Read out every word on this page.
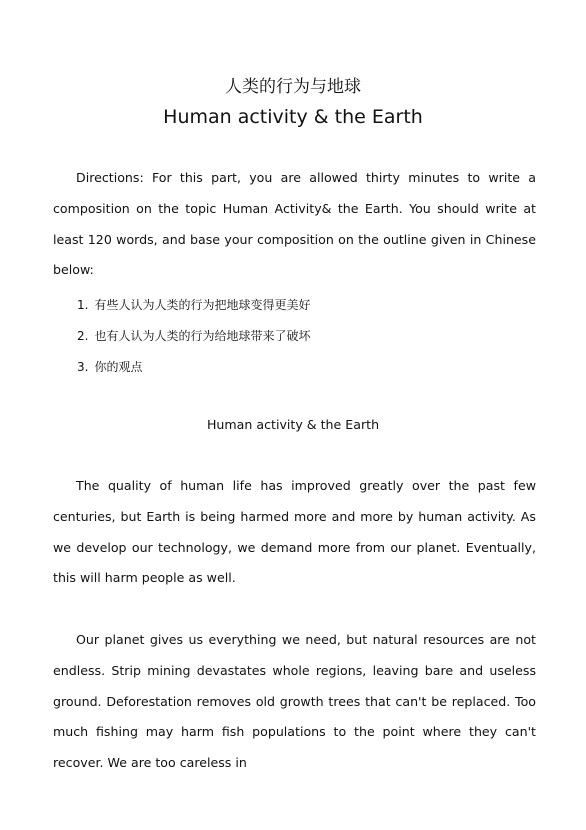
人类的行为与地球
Human activity & the Earth

Directions: For this part, you are allowed thirty minutes to write a composition on the topic Human Activity& the Earth. You should write at least 120 words, and base your composition on the outline given in Chinese below:

1. 有些人认为人类的行为把地球变得更美好
2. 也有人认为人类的行为给地球带来了破坏
3. 你的观点
Human activity & the Earth

The quality of human life has improved greatly over the past few centuries, but Earth is being harmed more and more by human activity. As we develop our technology, we demand more from our planet. Eventually, this will harm people as well.

Our planet gives us everything we need, but natural resources are not endless. Strip mining devastates whole regions, leaving bare and useless ground. Deforestation removes old growth trees that can't be replaced. Too much fishing may harm fish populations to the point where they can't recover. We are too careless in
